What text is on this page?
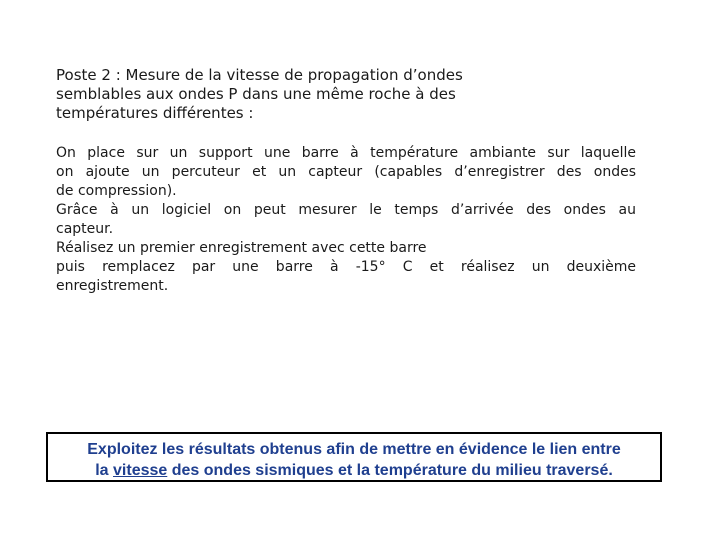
Poste 2 : Mesure de la vitesse de propagation d’ondes
semblables aux ondes P dans une même roche à des
températures différentes :
On place sur un support une barre à température ambiante sur laquelle
on ajoute un percuteur et un capteur (capables d’enregistrer des ondes
de compression).
Grâce à un logiciel on peut mesurer le temps d’arrivée des ondes au
capteur.
Réalisez un premier enregistrement avec cette barre
puis remplacez par une barre à -15° C et réalisez un deuxième
enregistrement.
Exploitez les résultats obtenus afin de mettre en évidence le lien entre
la vitesse des ondes sismiques et la température du milieu traversé.
